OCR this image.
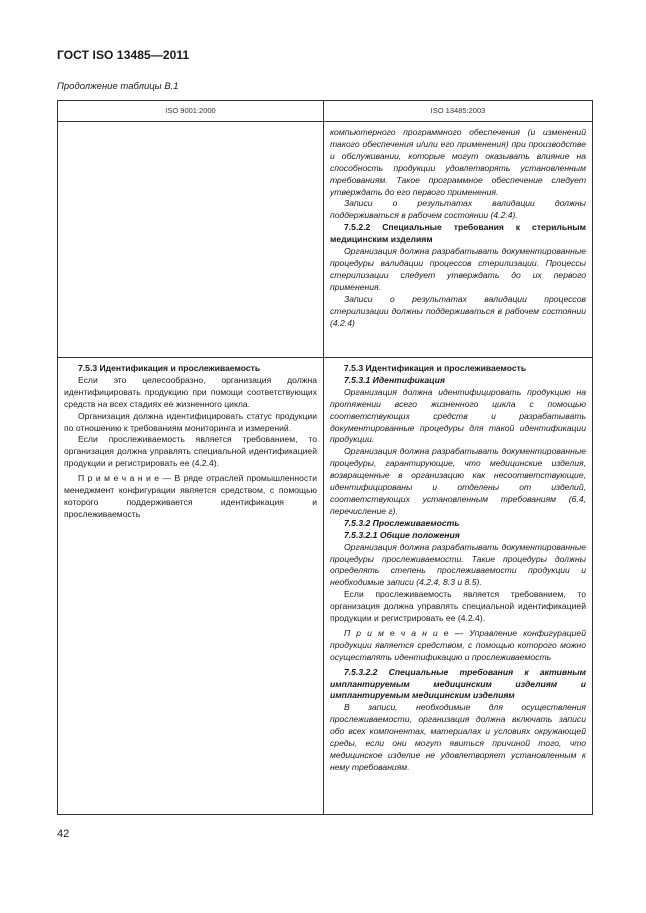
ГОСТ ISO 13485—2011
Продолжение таблицы В.1
ISO 9001:2000	ISO 13485:2003

компьютерного программного обеспечения (и изменений такого обеспечения и/или его применения) при производстве и обслуживании, которые могут оказывать влияние на способность продукции удовлетворять установленным требованиям. Такое программное обеспечение следует утверждать до его первого применения.

Записи о результатах валидации должны поддерживаться в рабочем состоянии (4.2.4).

7.5.2.2 Специальные требования к стерильным медицинским изделиям

Организация должна разрабатывать документированные процедуры валидации процессов стерилизации. Процессы стерилизации следует утверждать до их первого применения.

Записи о результатах валидации процессов стерилизации должны поддерживаться в рабочем состоянии (4.2.4)

7.5.3 Идентификация и прослеживаемость

Если это целесообразно, организация должна идентифицировать продукцию при помощи соответствующих средств на всех стадиях ее жизненного цикла.

Организация должна идентифицировать статус продукции по отношению к требованиям мониторинга и измерений.

Если прослеживаемость является требованием, то организация должна управлять специальной идентификацией продукции и регистрировать ее (4.2.4).

П р и м е ч а н и е — В ряде отраслей промышленности менеджмент конфигурации является средством, с помощью которого поддерживается идентификация и прослеживаемость

7.5.3 Идентификация и прослеживаемость

7.5.3.1 Идентификация

Организация должна идентифицировать продукцию на протяжении всего жизненного цикла с помощью соответствующих средств и разрабатывать документированные процедуры для такой идентификации продукции.

Организация должна разрабатывать документированные процедуры, гарантирующие, что медицинские изделия, возвращенные в организацию как несоответствующие, идентифицированы и отделены от изделий, соответствующих установленным требованиям (6.4, перечисление г).

7.5.3.2 Прослеживаемость

7.5.3.2.1 Общие положения

Организация должна разрабатывать документированные процедуры прослеживаемости. Такие процедуры должны определять степень прослеживаемости продукции и необходимые записи (4.2.4, 8.3 и 8.5).

Если прослеживаемость является требованием, то организация должна управлять специальной идентификацией продукции и регистрировать ее (4.2.4).

П р и м е ч а н и е — Управление конфигурацией продукции является средством, с помощью которого можно осуществлять идентификацию и прослеживаемость

7.5.3.2.2 Специальные требования к активным имплантируемым медицинским изделиям и имплантируемым медицинским изделиям

В записи, необходимые для осуществления прослеживаемости, организация должна включать записи обо всех компонентах, материалах и условиях окружающей среды, если они могут явиться причиной того, что медицинское изделие не удовлетворяет установленным к нему требованиям.

42
